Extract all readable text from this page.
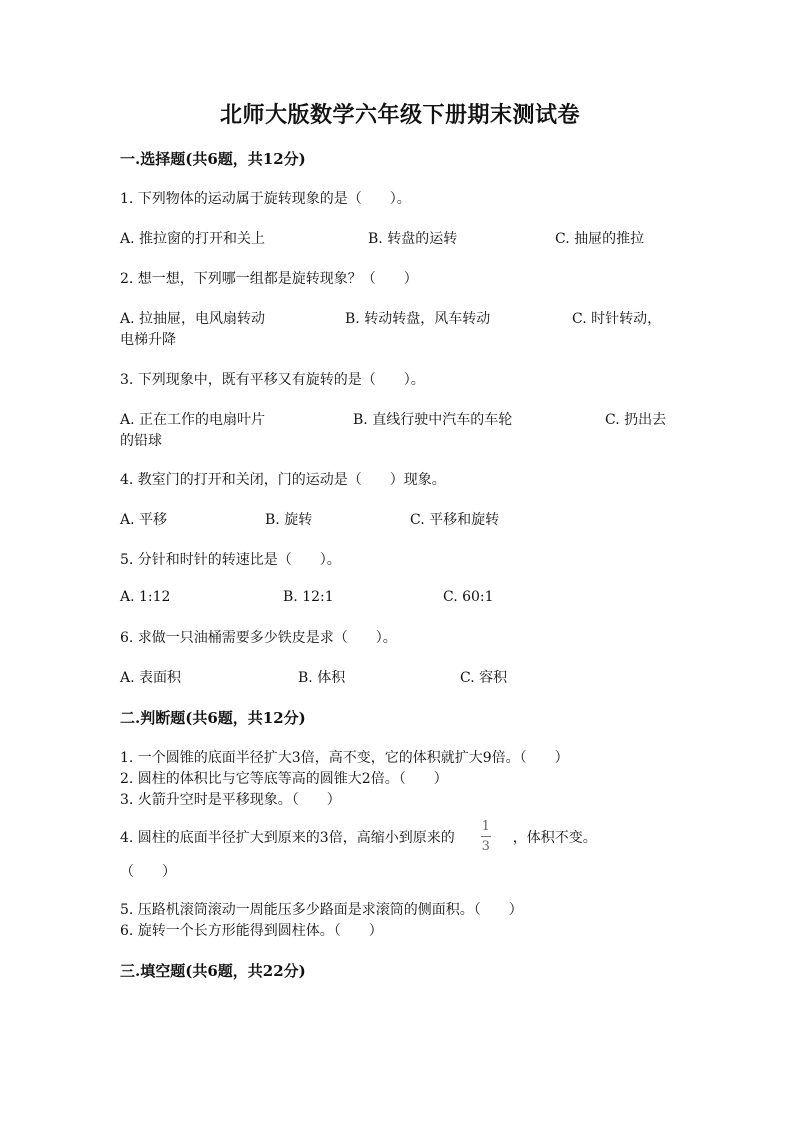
北师大版数学六年级下册期末测试卷
一.选择题(共6题，共12分)
1. 下列物体的运动属于旋转现象的是（　　）。
A. 推拉窗的打开和关上	B. 转盘的运转	C. 抽屉的推拉
2. 想一想，下列哪一组都是旋转现象？（　　）
A. 拉抽屉，电风扇转动	B. 转动转盘，风车转动	C. 时针转动，
电梯升降
3. 下列现象中，既有平移又有旋转的是（　　）。
A. 正在工作的电扇叶片	B. 直线行驶中汽车的车轮	C. 扔出去
的铅球
4. 教室门的打开和关闭，门的运动是（　　）现象。
A. 平移	B. 旋转	C. 平移和旋转
5. 分针和时针的转速比是（　　）。
A. 1:12	B. 12:1	C. 60:1
6. 求做一只油桶需要多少铁皮是求（　　）。
A. 表面积	B. 体积	C. 容积
二.判断题(共6题，共12分)
1. 一个圆锥的底面半径扩大3倍，高不变，它的体积就扩大9倍。（　　）
2. 圆柱的体积比与它等底等高的圆锥大2倍。（　　）
3. 火箭升空时是平移现象。（　　）
4. 圆柱的底面半径扩大到原来的3倍，高缩小到原来的 $\frac{1}{3}$ ，体积不变。
（　　）
5. 压路机滚筒滚动一周能压多少路面是求滚筒的侧面积。（　　）
6. 旋转一个长方形能得到圆柱体。（　　）
三.填空题(共6题，共22分)
